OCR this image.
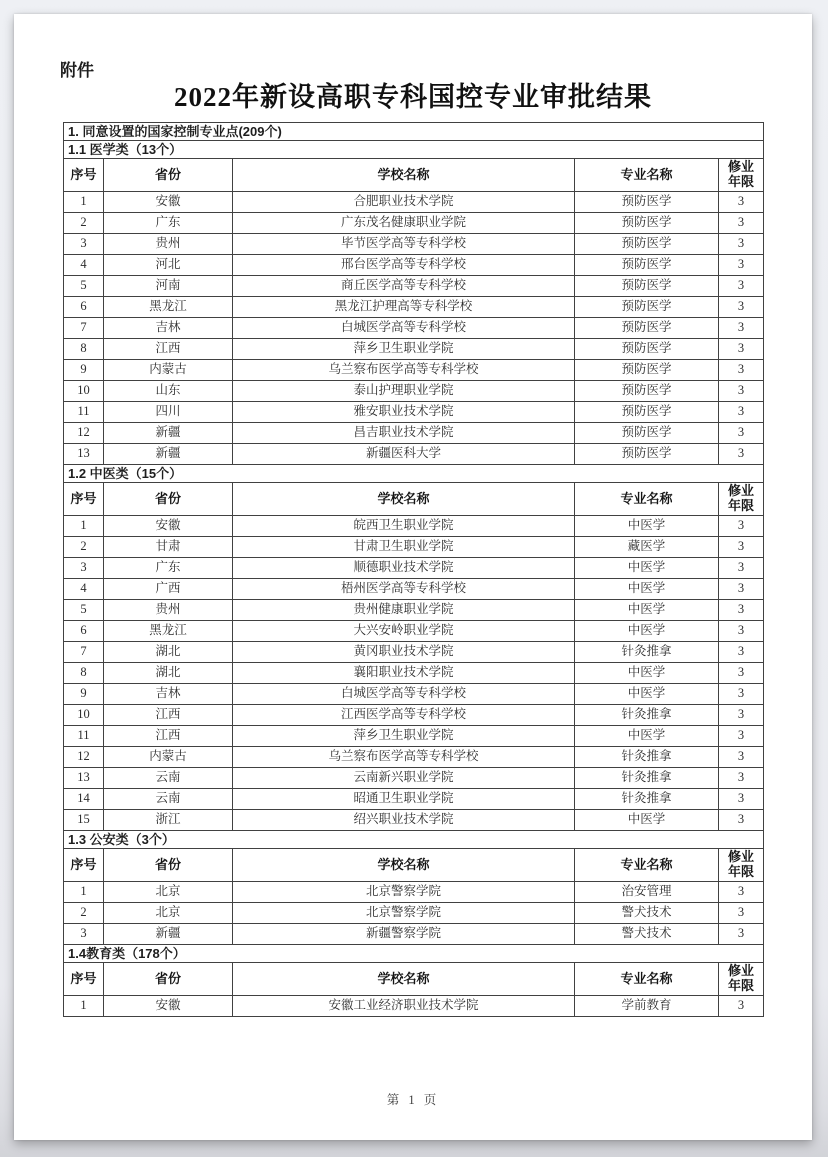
附件
2022年新设高职专科国控专业审批结果
1. 同意设置的国家控制专业点(209个)				
1.1 医学类（13个）				
序号	省份	学校名称	专业名称	修业年限
1	安徽	合肥职业技术学院	预防医学	3
2	广东	广东茂名健康职业学院	预防医学	3
3	贵州	毕节医学高等专科学校	预防医学	3
4	河北	邢台医学高等专科学校	预防医学	3
5	河南	商丘医学高等专科学校	预防医学	3
6	黑龙江	黑龙江护理高等专科学校	预防医学	3
7	吉林	白城医学高等专科学校	预防医学	3
8	江西	萍乡卫生职业学院	预防医学	3
9	内蒙古	乌兰察布医学高等专科学校	预防医学	3
10	山东	泰山护理职业学院	预防医学	3
11	四川	雅安职业技术学院	预防医学	3
12	新疆	昌吉职业技术学院	预防医学	3
13	新疆	新疆医科大学	预防医学	3
1.2 中医类（15个）				
序号	省份	学校名称	专业名称	修业年限
1	安徽	皖西卫生职业学院	中医学	3
2	甘肃	甘肃卫生职业学院	藏医学	3
3	广东	顺德职业技术学院	中医学	3
4	广西	梧州医学高等专科学校	中医学	3
5	贵州	贵州健康职业学院	中医学	3
6	黑龙江	大兴安岭职业学院	中医学	3
7	湖北	黄冈职业技术学院	针灸推拿	3
8	湖北	襄阳职业技术学院	中医学	3
9	吉林	白城医学高等专科学校	中医学	3
10	江西	江西医学高等专科学校	针灸推拿	3
11	江西	萍乡卫生职业学院	中医学	3
12	内蒙古	乌兰察布医学高等专科学校	针灸推拿	3
13	云南	云南新兴职业学院	针灸推拿	3
14	云南	昭通卫生职业学院	针灸推拿	3
15	浙江	绍兴职业技术学院	中医学	3
1.3 公安类（3个）				
序号	省份	学校名称	专业名称	修业年限
1	北京	北京警察学院	治安管理	3
2	北京	北京警察学院	警犬技术	3
3	新疆	新疆警察学院	警犬技术	3
1.4教育类（178个）				
序号	省份	学校名称	专业名称	修业年限
1	安徽	安徽工业经济职业技术学院	学前教育	3
第 1 页
